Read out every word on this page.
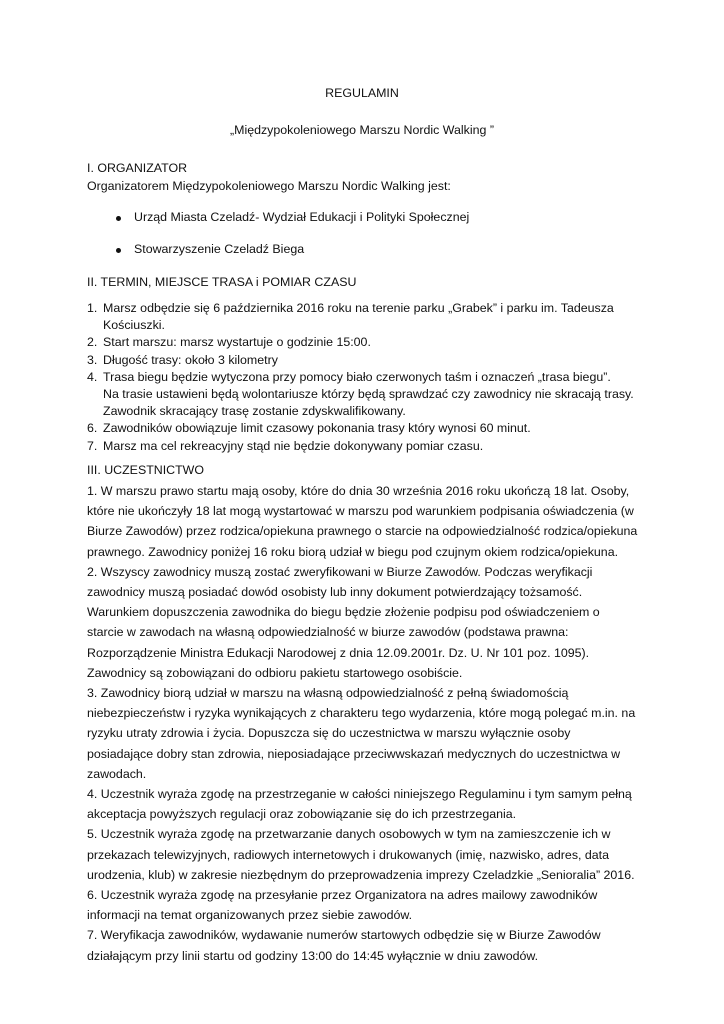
REGULAMIN
„Międzypokoleniowego Marszu Nordic Walking ”
I. ORGANIZATOR
Organizatorem Międzypokoleniowego Marszu Nordic Walking jest:
Urząd Miasta Czeladź- Wydział Edukacji i Polityki Społecznej
Stowarzyszenie Czeladź Biega
II. TERMIN, MIEJSCE TRASA i POMIAR CZASU
1. Marsz odbędzie się 6 października 2016 roku na terenie parku „Grabek” i parku im. Tadeusza Kościuszki.
2. Start marszu: marsz wystartuje o godzinie 15:00.
3. Długość trasy: około 3 kilometry
4. Trasa biegu będzie wytyczona przy pomocy biało czerwonych taśm i oznaczeń „trasa biegu”.
Na trasie ustawieni będą wolontariusze którzy będą sprawdzać czy zawodnicy nie skracają trasy.
Zawodnik skracający trasę zostanie zdyskwalifikowany.
6. Zawodników obowiązuje limit czasowy pokonania trasy który wynosi 60 minut.
7. Marsz ma cel rekreacyjny stąd nie będzie dokonywany pomiar czasu.
III. UCZESTNICTWO
1. W marszu prawo startu mają osoby, które do dnia 30 września 2016 roku ukończą 18 lat. Osoby, które nie ukończyły 18 lat mogą wystartować w marszu pod warunkiem podpisania oświadczenia (w Biurze Zawodów) przez rodzica/opiekuna prawnego o starcie na odpowiedzialność rodzica/opiekuna prawnego. Zawodnicy poniżej 16 roku biorą udział w biegu pod czujnym okiem rodzica/opiekuna.
2. Wszyscy zawodnicy muszą zostać zweryfikowani w Biurze Zawodów. Podczas weryfikacji zawodnicy muszą posiadać dowód osobisty lub inny dokument potwierdzający tożsamość. Warunkiem dopuszczenia zawodnika do biegu będzie złożenie podpisu pod oświadczeniem o starcie w zawodach na własną odpowiedzialność w biurze zawodów (podstawa prawna: Rozporządzenie Ministra Edukacji Narodowej z dnia 12.09.2001r. Dz. U. Nr 101 poz. 1095). Zawodnicy są zobowiązani do odbioru pakietu startowego osobiście.
3. Zawodnicy biorą udział w marszu na własną odpowiedzialność z pełną świadomością niebezpieczeństw i ryzyka wynikających z charakteru tego wydarzenia, które mogą polegać m.in. na ryzyku utraty zdrowia i życia. Dopuszcza się do uczestnictwa w marszu wyłącznie osoby posiadające dobry stan zdrowia, nieposiadające przeciwwskazań medycznych do uczestnictwa w zawodach.
4. Uczestnik wyraża zgodę na przestrzeganie w całości niniejszego Regulaminu i tym samym pełną akceptacja powyższych regulacji oraz zobowiązanie się do ich przestrzegania.
5. Uczestnik wyraża zgodę na przetwarzanie danych osobowych w tym na zamieszczenie ich w przekazach telewizyjnych, radiowych internetowych i drukowanych (imię, nazwisko, adres, data urodzenia, klub) w zakresie niezbędnym do przeprowadzenia imprezy Czeladzkie „Senioralia” 2016.
6. Uczestnik wyraża zgodę na przesyłanie przez Organizatora na adres mailowy zawodników informacji na temat organizowanych przez siebie zawodów.
7. Weryfikacja zawodników, wydawanie numerów startowych odbędzie się w Biurze Zawodów działającym przy linii startu od godziny 13:00 do 14:45 wyłącznie w dniu zawodów.
